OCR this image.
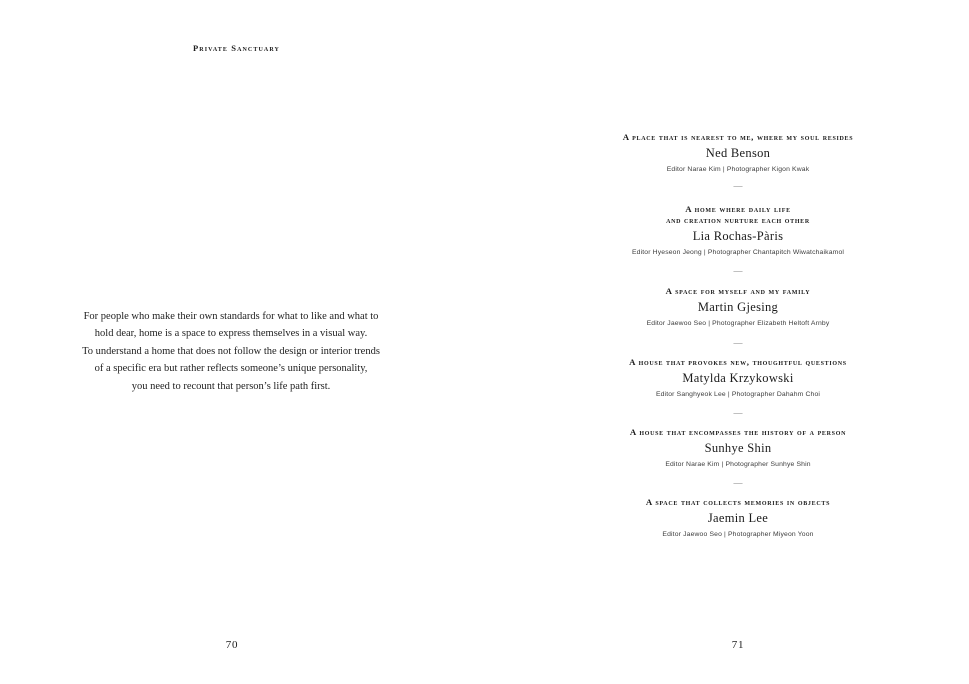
Private Sanctuary
For people who make their own standards for what to like and what to
hold dear, home is a space to express themselves in a visual way.
To understand a home that does not follow the design or interior trends
of a specific era but rather reflects someone’s unique personality,
you need to recount that person’s life path first.
70
A place that is nearest to me, where my soul resides
Ned Benson
Editor Narae Kim | Photographer Kigon Kwak
—
A home where daily life
and creation nurture each other
Lia Rochas-Pàris
Editor Hyeseon Jeong | Photographer Chantapitch Wiwatchaikamol
—
A space for myself and my family
Martin Gjesing
Editor Jaewoo Seo | Photographer Elizabeth Heltoft Arnby
—
A house that provokes new, thoughtful questions
Matylda Krzykowski
Editor Sanghyeok Lee | Photographer Dahahm Choi
—
A house that encompasses the history of a person
Sunhye Shin
Editor Narae Kim | Photographer Sunhye Shin
—
A space that collects memories in objects
Jaemin Lee
Editor Jaewoo Seo | Photographer Miyeon Yoon
71
